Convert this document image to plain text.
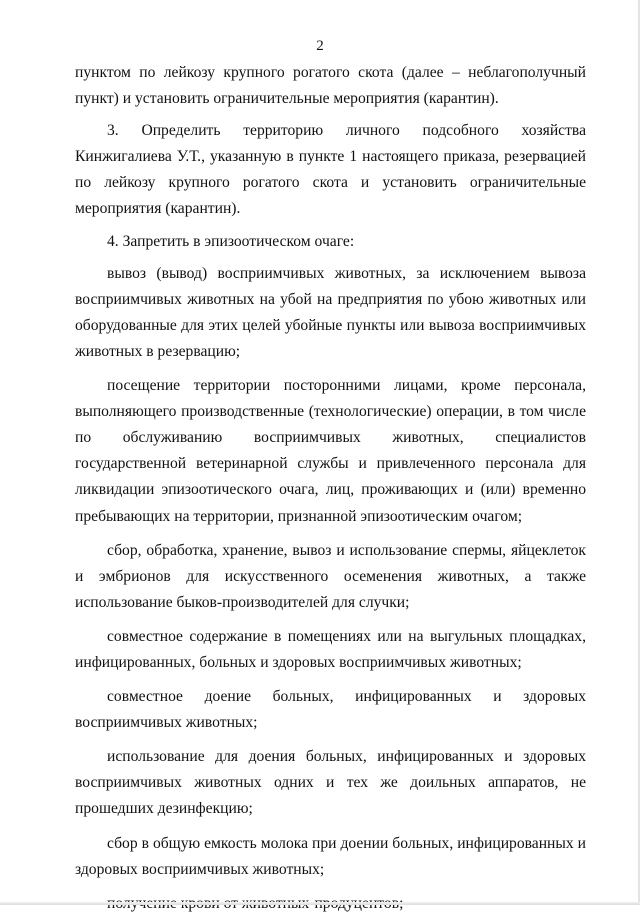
2

пунктом по лейкозу крупного рогатого скота (далее – неблагополучный пункт) и установить ограничительные мероприятия (карантин).

3. Определить территорию личного подсобного хозяйства Кинжигалиева У.Т., указанную в пункте 1 настоящего приказа, резервацией по лейкозу крупного рогатого скота и установить ограничительные мероприятия (карантин).

4. Запретить в эпизоотическом очаге:

вывоз (вывод) восприимчивых животных, за исключением вывоза восприимчивых животных на убой на предприятия по убою животных или оборудованные для этих целей убойные пункты или вывоза восприимчивых животных в резервацию;

посещение территории посторонними лицами, кроме персонала, выполняющего производственные (технологические) операции, в том числе по обслуживанию восприимчивых животных, специалистов государственной ветеринарной службы и привлеченного персонала для ликвидации эпизоотического очага, лиц, проживающих и (или) временно пребывающих на территории, признанной эпизоотическим очагом;

сбор, обработка, хранение, вывоз и использование спермы, яйцеклеток и эмбрионов для искусственного осеменения животных, а также использование быков-производителей для случки;

совместное содержание в помещениях или на выгульных площадках, инфицированных, больных и здоровых восприимчивых животных;

совместное доение больных, инфицированных и здоровых восприимчивых животных;

использование для доения больных, инфицированных и здоровых восприимчивых животных одних и тех же доильных аппаратов, не прошедших дезинфекцию;

сбор в общую емкость молока при доении больных, инфицированных и здоровых восприимчивых животных;
